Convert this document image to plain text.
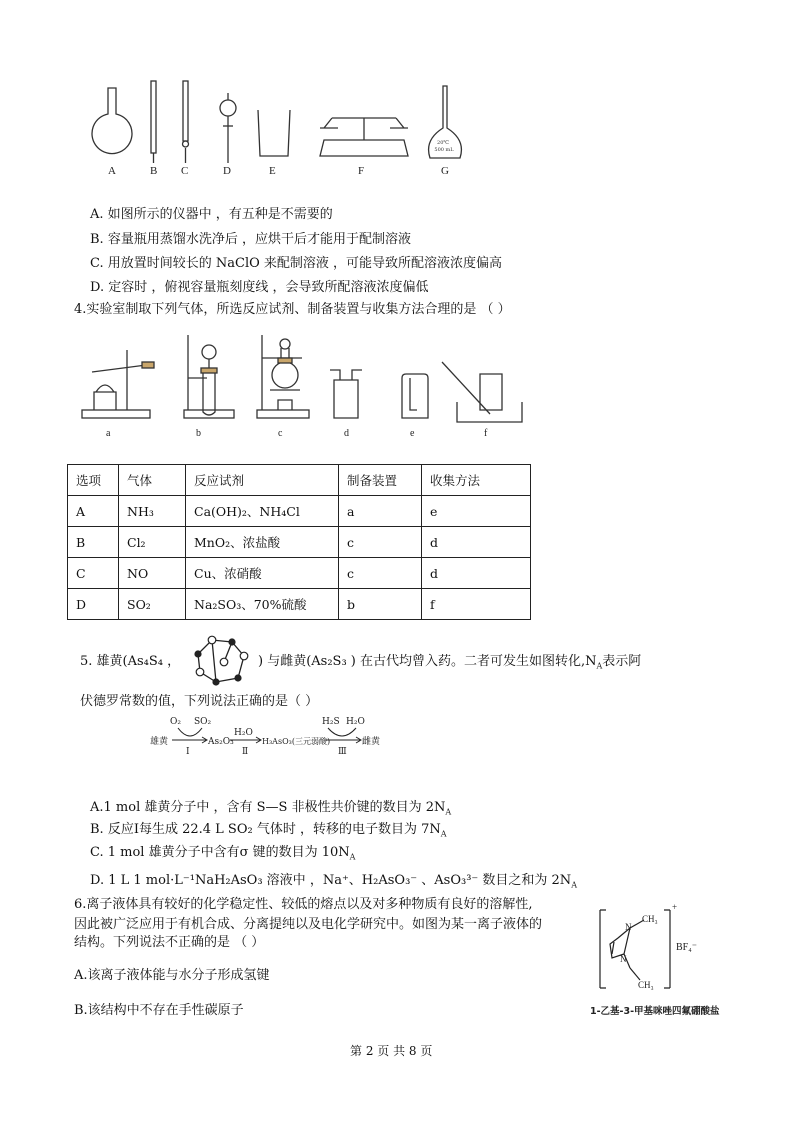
20℃
500 mL
A	B C	D	E	F	G
A. 如图所示的仪器中 ，有五种是不需要的
B. 容量瓶用蒸馏水洗净后 ，应烘干后才能用于配制溶液
C. 用放置时间较长的 NaClO 来配制溶液 ，可能导致所配溶液浓度偏高
D. 定容时 ，俯视容量瓶刻度线 ，会导致所配溶液浓度偏低
4.实验室制取下列气体，所选反应试剂、制备装置与收集方法合理的是 （ ）
a	b	c	d	e	f
选项	气体	反应试剂	制备装置	收集方法
A	NH₃	Ca(OH)₂、NH₄Cl	a	e
B	Cl₂	MnO₂、浓盐酸	c	d
C	NO	Cu、浓硝酸	c	d
D	SO₂	Na₂SO₃、70%硫酸	b	f
5. 雄黄(As₄S₄ ，	) 与雌黄(As₂S₃ ) 在古代均曾入药。二者可发生如图转化$,N_A$表示阿
伏德罗常数的值，下列说法正确的是（ ）
雄黄
O₂ SO₂
Ⅰ
As₂O₃
H₂O
Ⅱ
H₃AsO₃(三元弱酸)
H₂S H₂O
Ⅲ
雌黄
A.1 mol 雄黄分子中 ，含有 S—S 非极性共价键的数目为 $2N_A$
B. 反应Ⅰ每生成 22.4 L SO₂ 气体时 ，转移的电子数目为 $7N_A$
C. 1 mol 雄黄分子中含有σ 键的数目为 $10N_A$
D. 1 L 1 mol·L⁻¹NaH₂AsO₃ 溶液中 ，Na⁺、H₂AsO₃⁻ 、AsO₃³⁻ 数目之和为 $2N_A$
6.离子液体具有较好的化学稳定性、较低的熔点以及对多种物质有良好的溶解性,
因此被广泛应用于有机合成、分离提纯以及电化学研究中。如图为某一离子液体的
结构。下列说法不正确的是 （ ）
A.该离子液体能与水分子形成氢键
B.该结构中不存在手性碳原子
N
N
CH₃
CH₃
BF₄⁻
+
1-乙基-3-甲基咪唑四氟硼酸盐
第 2 页 共 8 页
